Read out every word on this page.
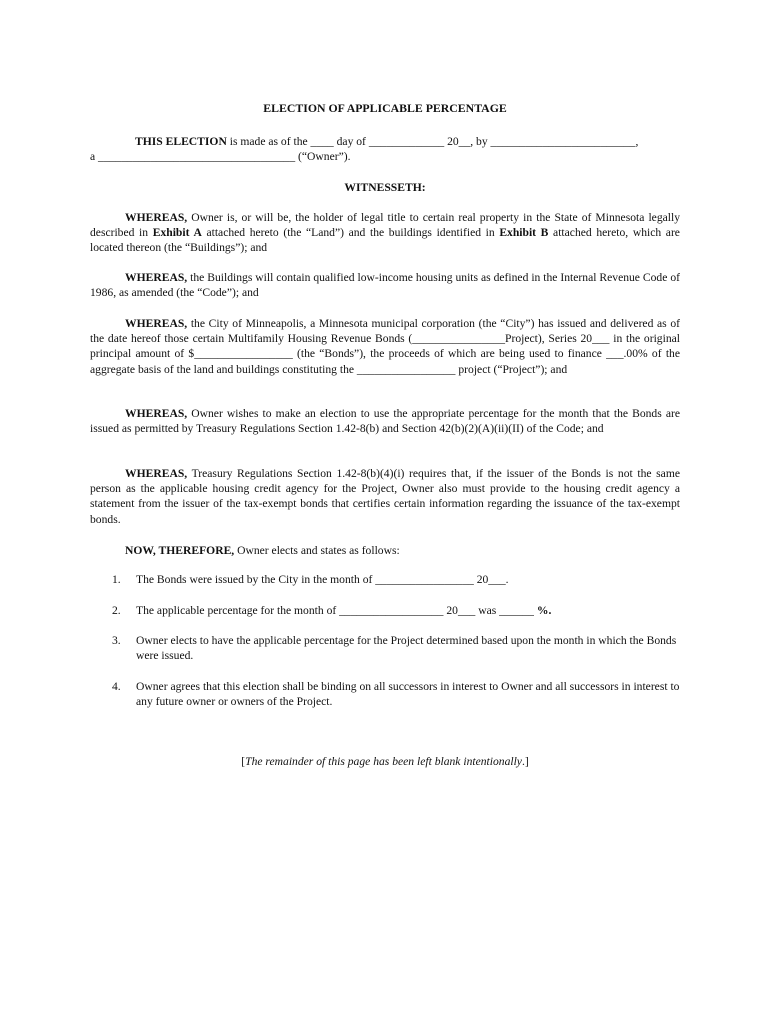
ELECTION OF APPLICABLE PERCENTAGE
THIS ELECTION is made as of the ____ day of _____________ 20__, by _________________________,
a __________________________________ (“Owner”).
WITNESSETH:
WHEREAS, Owner is, or will be, the holder of legal title to certain real property in the State of Minnesota legally described in Exhibit A attached hereto (the “Land”) and the buildings identified in Exhibit B attached hereto, which are located thereon (the “Buildings”); and
WHEREAS, the Buildings will contain qualified low-income housing units as defined in the Internal Revenue Code of 1986, as amended (the “Code”); and
WHEREAS, the City of Minneapolis, a Minnesota municipal corporation (the “City”) has issued and delivered as of the date hereof those certain Multifamily Housing Revenue Bonds (________________Project), Series 20___ in the original principal amount of $_________________ (the “Bonds”), the proceeds of which are being used to finance ___.00% of the aggregate basis of the land and buildings constituting the _________________ project (“Project”); and
WHEREAS, Owner wishes to make an election to use the appropriate percentage for the month that the Bonds are issued as permitted by Treasury Regulations Section 1.42-8(b) and Section 42(b)(2)(A)(ii)(II) of the Code; and
WHEREAS, Treasury Regulations Section 1.42-8(b)(4)(i) requires that, if the issuer of the Bonds is not the same person as the applicable housing credit agency for the Project, Owner also must provide to the housing credit agency a statement from the issuer of the tax-exempt bonds that certifies certain information regarding the issuance of the tax-exempt bonds.
NOW, THEREFORE, Owner elects and states as follows:
1. The Bonds were issued by the City in the month of _________________ 20___.
2. The applicable percentage for the month of __________________ 20___ was ______ %.
3. Owner elects to have the applicable percentage for the Project determined based upon the month in which the Bonds were issued.
4. Owner agrees that this election shall be binding on all successors in interest to Owner and all successors in interest to any future owner or owners of the Project.
[The remainder of this page has been left blank intentionally.]
